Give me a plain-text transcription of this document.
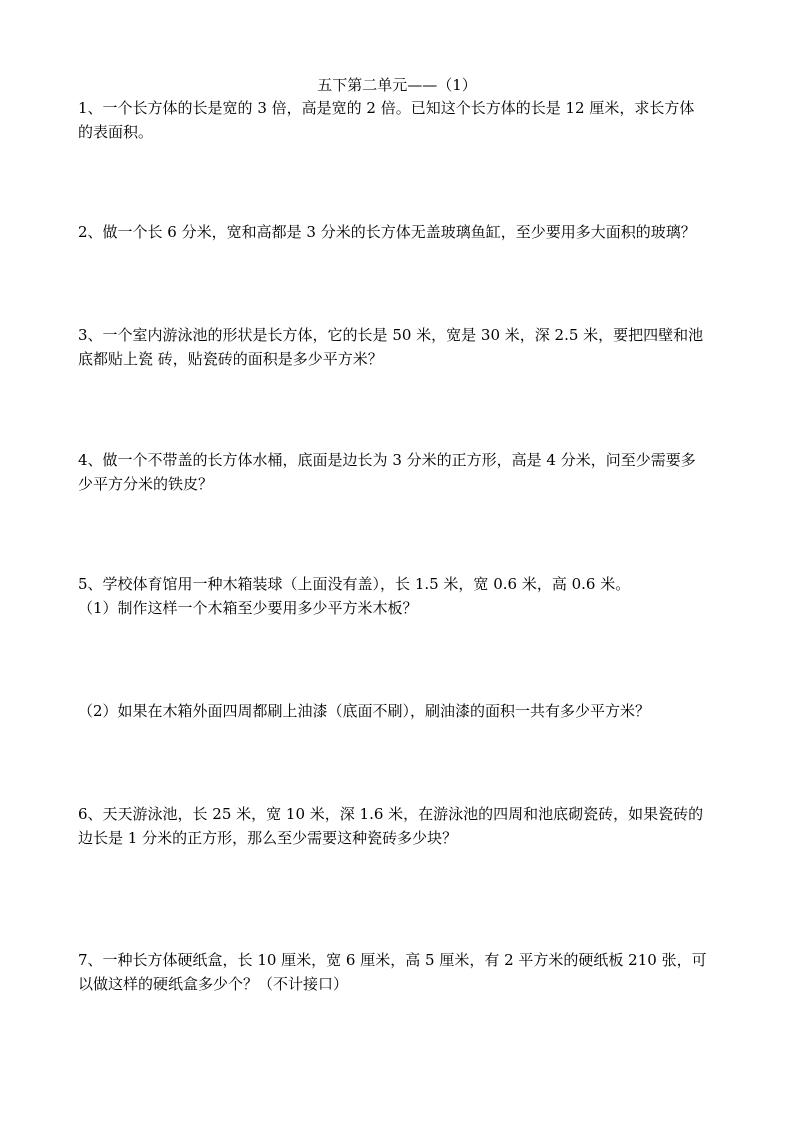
五下第二单元——（1）
1、一个长方体的长是宽的 3 倍，高是宽的 2 倍。已知这个长方体的长是 12 厘米，求长方体
的表面积。
2、做一个长 6 分米，宽和高都是 3 分米的长方体无盖玻璃鱼缸，至少要用多大面积的玻璃？
3、一个室内游泳池的形状是长方体，它的长是 50 米，宽是 30 米，深 2.5 米，要把四壁和池
底都贴上瓷 砖，贴瓷砖的面积是多少平方米？
4、做一个不带盖的长方体水桶，底面是边长为 3 分米的正方形，高是 4 分米，问至少需要多
少平方分米的铁皮？
5、学校体育馆用一种木箱装球（上面没有盖），长 1.5 米，宽 0.6 米，高 0.6 米。
（1）制作这样一个木箱至少要用多少平方米木板？
（2）如果在木箱外面四周都刷上油漆（底面不刷），刷油漆的面积一共有多少平方米？
6、天天游泳池，长 25 米，宽 10 米，深 1.6 米，在游泳池的四周和池底砌瓷砖，如果瓷砖的
边长是 1 分米的正方形，那么至少需要这种瓷砖多少块？
7、一种长方体硬纸盒，长 10 厘米，宽 6 厘米，高 5 厘米，有 2 平方米的硬纸板 210 张，可
以做这样的硬纸盒多少个？（不计接口）
